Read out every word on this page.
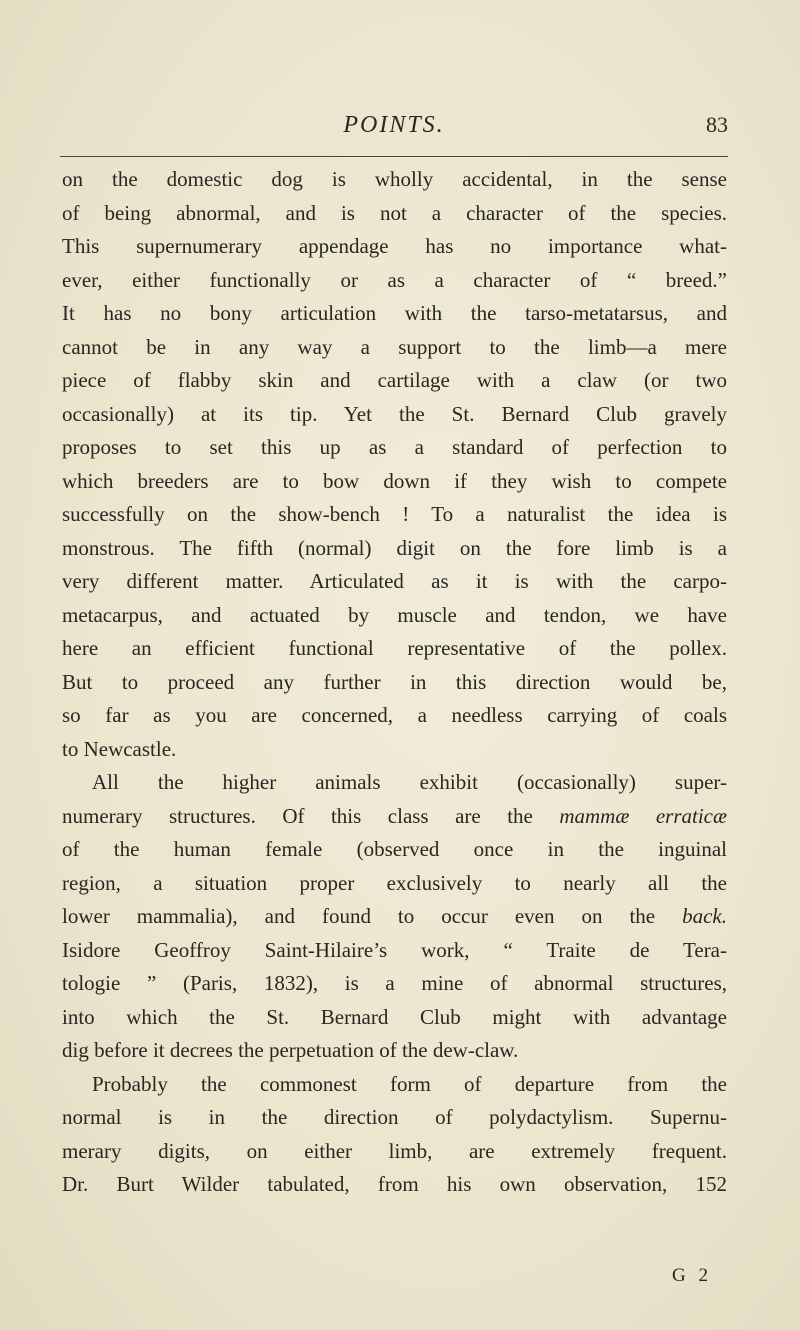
POINTS.	83
on the domestic dog is wholly accidental, in the sense
of being abnormal, and is not a character of the species.
This supernumerary appendage has no importance what-
ever, either functionally or as a character of “ breed.”
It has no bony articulation with the tarso-metatarsus, and
cannot be in any way a support to the limb—a mere
piece of flabby skin and cartilage with a claw (or two
occasionally) at its tip. Yet the St. Bernard Club gravely
proposes to set this up as a standard of perfection to
which breeders are to bow down if they wish to compete
successfully on the show-bench ! To a naturalist the idea is
monstrous. The fifth (normal) digit on the fore limb is a
very different matter. Articulated as it is with the carpo-
metacarpus, and actuated by muscle and tendon, we have
here an efficient functional representative of the pollex.
But to proceed any further in this direction would be,
so far as you are concerned, a needless carrying of coals
to Newcastle.
All the higher animals exhibit (occasionally) super-
numerary structures. Of this class are the mammæ erraticæ
of the human female (observed once in the inguinal
region, a situation proper exclusively to nearly all the
lower mammalia), and found to occur even on the back.
Isidore Geoffroy Saint-Hilaire’s work, “ Traite de Tera-
tologie ” (Paris, 1832), is a mine of abnormal structures,
into which the St. Bernard Club might with advantage
dig before it decrees the perpetuation of the dew-claw.
Probably the commonest form of departure from the
normal is in the direction of polydactylism. Supernu-
merary digits, on either limb, are extremely frequent.
Dr. Burt Wilder tabulated, from his own observation, 152
G 2
